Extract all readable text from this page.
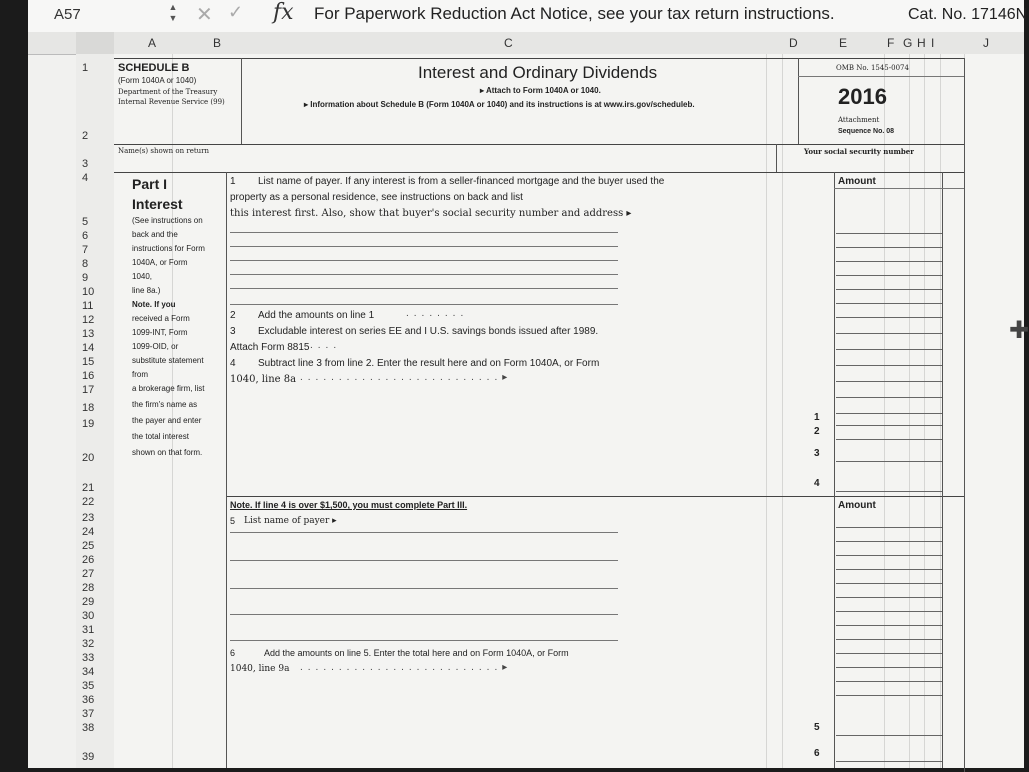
A57	▲
▼ ✕ ✓ fx For Paperwork Reduction Act Notice, see your tax return instructions.	Cat. No. 17146N
A	B	C	D	E	F G H I	J
1
2
3
4
5
6
7
8
9
10
11
12
13
14
15
16
17
18
19
20
21
22
23
24
25
26
27
28
29
30
31
32
33
34
35
36
37
38
39
SCHEDULE B
(Form 1040A or 1040)
Department of the Treasury
Internal Revenue Service (99)
Interest and Ordinary Dividends
▸ Attach to Form 1040A or 1040.
▸ Information about Schedule B (Form 1040A or 1040) and its instructions is at www.irs.gov/scheduleb.
OMB No. 1545-0074
2016
Attachment
Sequence No. 08
Name(s) shown on return	Your social security number
Part I
Interest
(See instructions on
back and the
instructions for Form
1040A, or Form
1040,
line 8a.)
Note. If you
received a Form
1099-INT, Form
1099-OID, or
substitute statement
from
a brokerage firm, list
the firm's name as
the payer and enter
the total interest
shown on that form.
1 List name of payer. If any interest is from a seller-financed mortgage and the buyer used the
property as a personal residence, see instructions on back and list
this interest first. Also, show that buyer's social security number and address ▸
Amount
2 Add the amounts on line 1	........
3 Excludable interest on series EE and I U.S. savings bonds issued after 1989.
Attach Form 8815 ....
4 Subtract line 3 from line 2. Enter the result here and on Form 1040A, or Form
1040, line 8a ..........................▸
1
2
3
4
Note. If line 4 is over $1,500, you must complete Part III.	Amount
5 List name of payer ▸
6	Add the amounts on line 5. Enter the total here and on Form 1040A, or Form
1040, line 9a ..........................▸
5
6
✚
